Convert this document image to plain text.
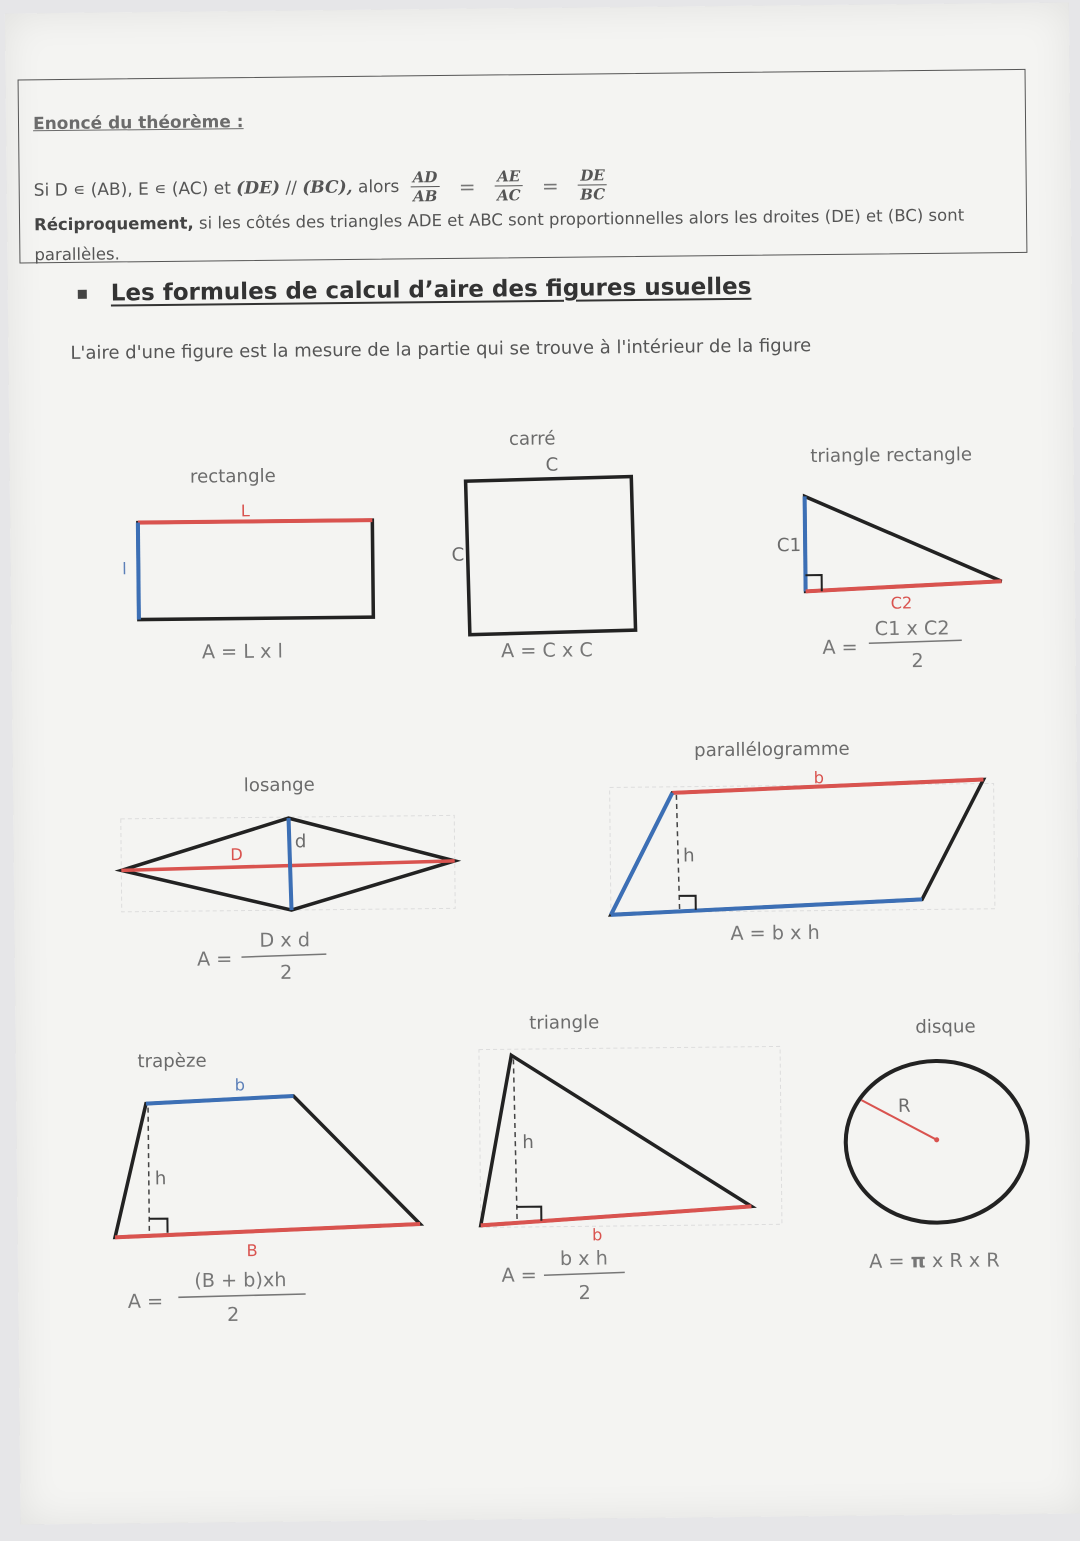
Enoncé du théorème :
Si D ∊ (AB), E ∊ (AC) et (DE) // (BC), alors $\frac{AD}{AB} = \frac{AE}{AC} = \frac{DE}{BC}$
Réciproquement, si les côtés des triangles ADE et ABC sont proportionnelles alors les droites (DE) et (BC) sont parallèles.
Les formules de calcul d’aire des figures usuelles
L'aire d'une figure est la mesure de la partie qui se trouve à l'intérieur de la figure
rectangle
L
l
A = L x l
carré
C
C
A = C x C
triangle rectangle
C1
C2
A =
C1 x C2
2
losange
D
d
A =
D x d
2
parallélogramme
b
h
A = b x h
trapèze
b
B
h
A =
(B + b)xh
2
triangle
h
b
A =
b x h
2
disque
R
A = π x R x R
